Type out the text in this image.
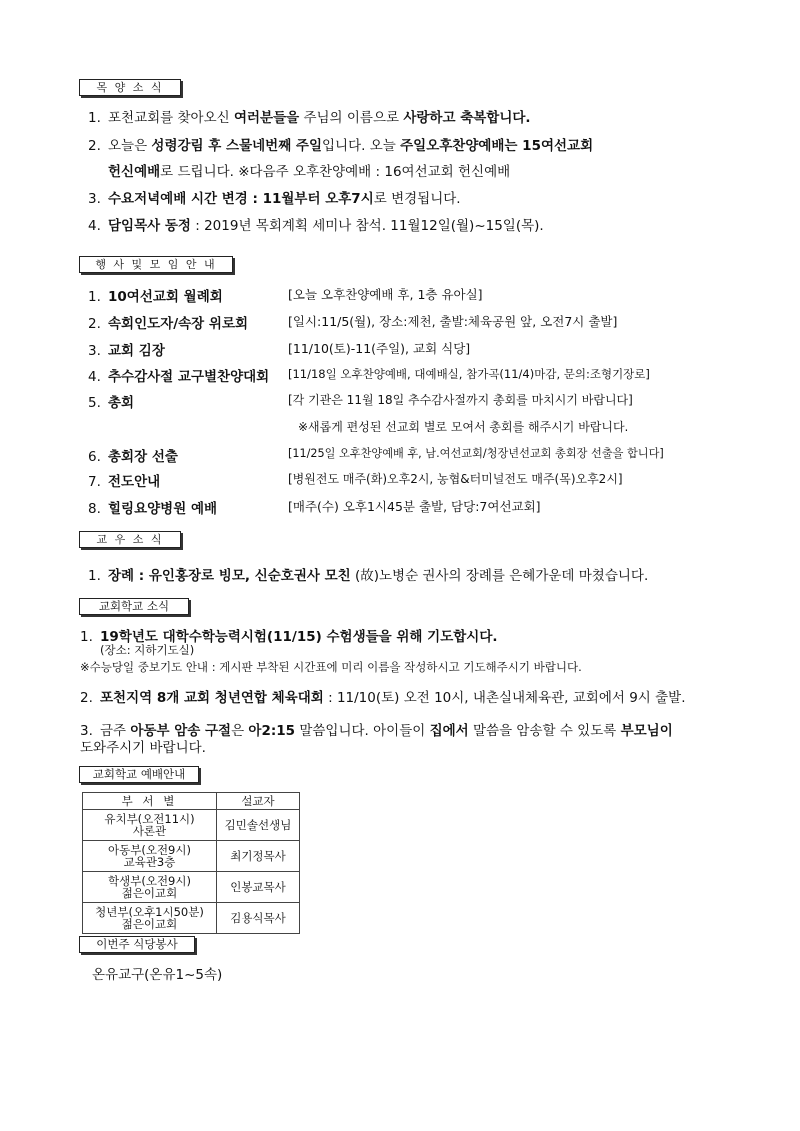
목 양 소 식
1. 포천교회를 찾아오신 여러분들을 주님의 이름으로 사랑하고 축복합니다.
2. 오늘은 성령강림 후 스물네번째 주일입니다. 오늘 주일오후찬양예배는 15여선교회
헌신예배로 드립니다. ※다음주 오후찬양예배 : 16여선교회 헌신예배
3. 수요저녁예배 시간 변경 : 11월부터 오후7시로 변경됩니다.
4. 담임목사 동정 : 2019년 목회계획 세미나 참석. 11월12일(월)~15일(목).
행 사 및 모 임 안 내
1. 10여선교회 월례회	[오늘 오후찬양예배 후, 1층 유아실]
2. 속회인도자/속장 위로회	[일시:11/5(월), 장소:제천, 출발:체육공원 앞, 오전7시 출발]
3. 교회 김장	[11/10(토)-11(주일), 교회 식당]
4. 추수감사절 교구별찬양대회 [11/18일 오후찬양예배, 대예배실, 참가곡(11/4)마감, 문의:조형기장로]
5. 총회	[각 기관은 11월 18일 추수감사절까지 총회를 마치시기 바랍니다]
※새롭게 편성된 선교회 별로 모여서 총회를 해주시기 바랍니다.
6. 총회장 선출	[11/25일 오후찬양예배 후, 남.여선교회/청장년선교회 총회장 선출을 합니다]
7. 전도안내	[병원전도 매주(화)오후2시, 농협&터미널전도 매주(목)오후2시]
8. 힐링요양병원 예배	[매주(수) 오후1시45분 출발, 담당:7여선교회]
교 우 소 식
1. 장례 : 유인홍장로 빙모, 신순호권사 모친 (故)노병순 권사의 장례를 은혜가운데 마쳤습니다.
교회학교 소식
1. 19학년도 대학수학능력시험(11/15) 수험생들을 위해 기도합시다.
(장소: 지하기도실)
※수능당일 중보기도 안내 : 게시판 부착된 시간표에 미리 이름을 작성하시고 기도해주시기 바랍니다.
2. 포천지역 8개 교회 청년연합 체육대회 : 11/10(토) 오전 10시, 내촌실내체육관, 교회에서 9시 출발.
3. 금주 아동부 암송 구절은 아2:15 말씀입니다. 아이들이 집에서 말씀을 암송할 수 있도록 부모님이
도와주시기 바랍니다.
교회학교 예배안내
부 서 별	설교자

유치부(오전11시)
사론관	김민솔선생님

아동부(오전9시)
교육관3층	최기정목사

학생부(오전9시)
젊은이교회	인봉교목사

청년부(오후1시50분)
젊은이교회	김용식목사
이번주 식당봉사
온유교구(온유1~5속)
